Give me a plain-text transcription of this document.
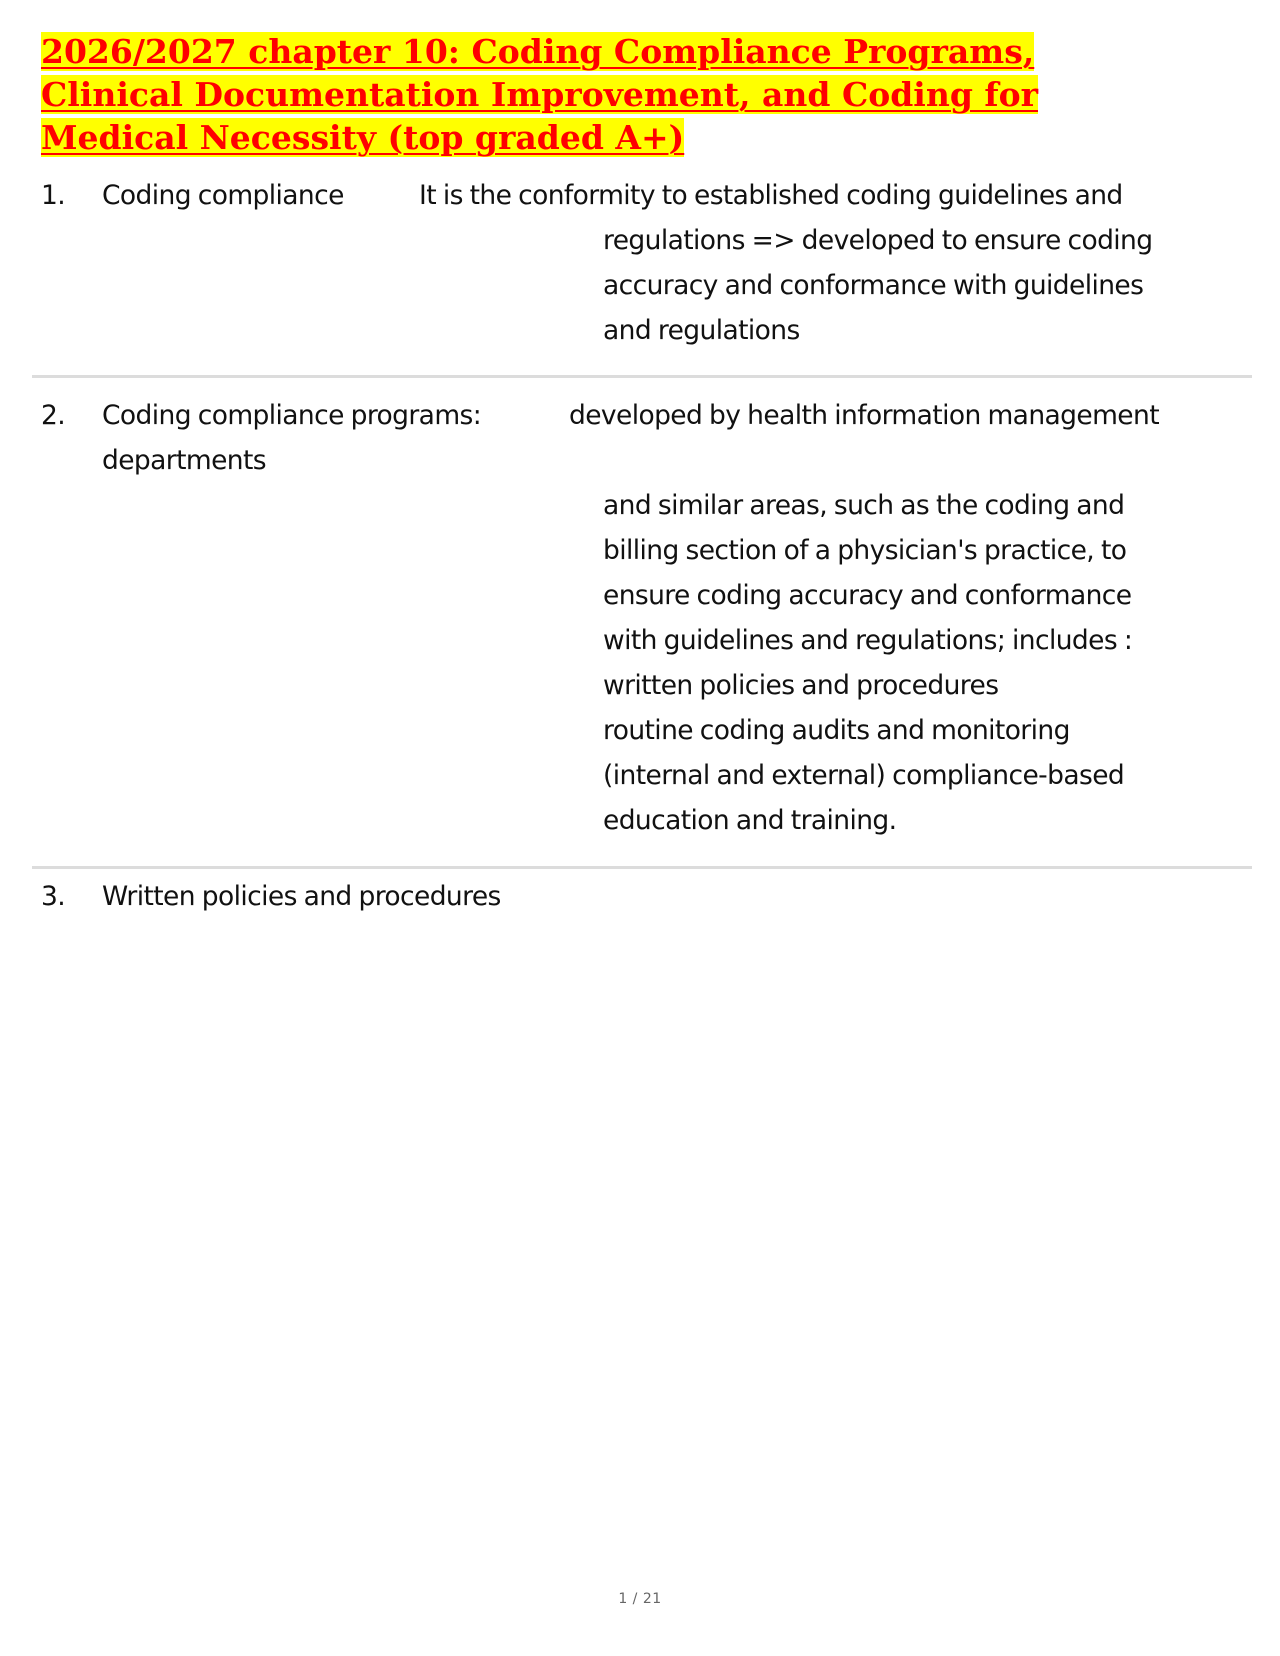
2026/2027 chapter 10: Coding Compliance Programs, Clinical Documentation Improvement, and Coding for Medical Necessity (top graded A+)
1. Coding compliance	It is the conformity to established coding guidelines and
regulations => developed to ensure coding
accuracy and conformance with guidelines
and regulations
2. Coding compliance programs:	developed by health information management
departments
and similar areas, such as the coding and
billing section of a physician's practice, to
ensure coding accuracy and conformance
with guidelines and regulations; includes :
written policies and procedures
routine coding audits and monitoring
(internal and external) compliance-based
education and training.
3. Written policies and procedures
1 / 21
